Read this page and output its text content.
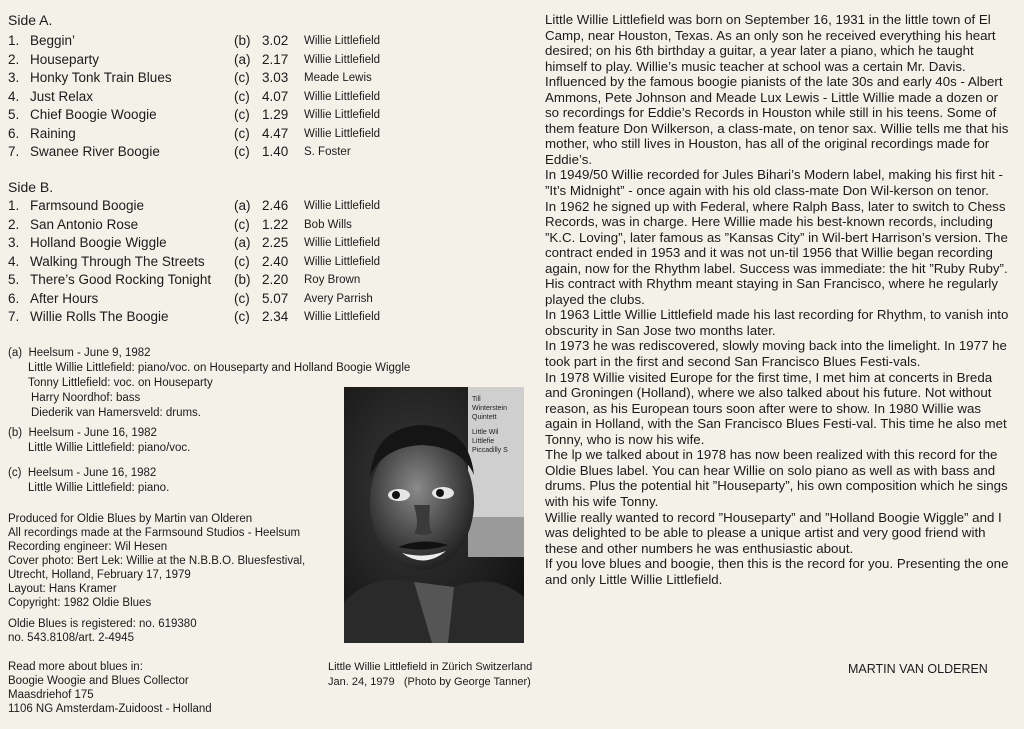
Side A.
1. Beggin’	(b) 3.02 Willie Littlefield
2. Houseparty	(a) 2.17 Willie Littlefield
3. Honky Tonk Train Blues	(c) 3.03 Meade Lewis
4. Just Relax	(c) 4.07 Willie Littlefield
5. Chief Boogie Woogie	(c) 1.29 Willie Littlefield
6. Raining	(c) 4.47 Willie Littlefield
7. Swanee River Boogie	(c) 1.40 S. Foster
Side B.
1. Farmsound Boogie	(a) 2.46 Willie Littlefield
2. San Antonio Rose	(c) 1.22 Bob Wills
3. Holland Boogie Wiggle	(a) 2.25 Willie Littlefield
4. Walking Through The Streets (c) 2.40 Willie Littlefield
5. There’s Good Rocking Tonight (b) 2.20 Roy Brown
6. After Hours	(c) 5.07 Avery Parrish
7. Willie Rolls The Boogie	(c) 2.34 Willie Littlefield
(a) Heelsum - June 9, 1982

Little Willie Littlefield: piano/voc. on Houseparty and Holland Boogie Wiggle
Tonny Littlefield: voc. on Houseparty
Harry Noordhof: bass
Diederik van Hamersveld: drums.
(b) Heelsum - June 16, 1982
Little Willie Littlefield: piano/voc.
(c) Heelsum - June 16, 1982
Little Willie Littlefield: piano.
Produced for Oldie Blues by Martin van Olderen
All recordings made at the Farmsound Studios - Heelsum
Recording engineer: Wil Hesen
Cover photo: Bert Lek: Willie at the N.B.B.O. Bluesfestival,
Utrecht, Holland, February 17, 1979
Layout: Hans Kramer
Copyright: 1982 Oldie Blues
Oldie Blues is registered: no. 619380
no. 543.8108/art. 2-4945
Read more about blues in:
Boogie Woogie and Blues Collector
Maasdriehof 175
1106 NG Amsterdam-Zuidoost - Holland
Till
Winterstein
Quintett
Little Wil
Littlefie
Piccadilly S
Little Willie Littlefield in Zürich Switzerland
Jan. 24, 1979 (Photo by George Tanner)

Little Willie Littlefield was born on September 16, 1931 in the little town of El Camp, near Houston, Texas. As an only son he received everything his heart desired; on his 6th birthday a guitar, a year later a piano, which he taught himself to play. Willie’s music teacher at school was a certain Mr. Davis.

Influenced by the famous boogie pianists of the late 30s and early 40s - Albert Ammons, Pete Johnson and Meade Lux Lewis - Little Willie made a dozen or so recordings for Eddie’s Records in Houston while still in his teens. Some of them feature Don Wilkerson, a class-mate, on tenor sax. Willie tells me that his mother, who still lives in Houston, has all of the original recordings made for Eddie’s.

In 1949/50 Willie recorded for Jules Bihari’s Modern label, making his first hit - ”It’s Midnight” - once again with his old class-mate Don Wil-kerson on tenor.

In 1962 he signed up with Federal, where Ralph Bass, later to switch to Chess Records, was in charge. Here Willie made his best-known records, including ”K.C. Loving”, later famous as ”Kansas City” in Wil-bert Harrison’s version. The contract ended in 1953 and it was not un-til 1956 that Willie began recording again, now for the Rhythm label. Success was immediate: the hit ”Ruby Ruby”. His contract with Rhythm meant staying in San Francisco, where he regularly played the clubs.

In 1963 Little Willie Littlefield made his last recording for Rhythm, to vanish into obscurity in San Jose two months later.

In 1973 he was rediscovered, slowly moving back into the limelight. In 1977 he took part in the first and second San Francisco Blues Festi-vals.

In 1978 Willie visited Europe for the first time, I met him at concerts in Breda and Groningen (Holland), where we also talked about his future. Not without reason, as his European tours soon after were to show. In 1980 Willie was again in Holland, with the San Francisco Blues Festi-val. This time he also met Tonny, who is now his wife.

The lp we talked about in 1978 has now been realized with this record for the Oldie Blues label. You can hear Willie on solo piano as well as with bass and drums. Plus the potential hit ”Houseparty”, his own composition which he sings with his wife Tonny.

Willie really wanted to record ”Houseparty” and ”Holland Boogie Wiggle” and I was delighted to be able to please a unique artist and very good friend with these and other numbers he was enthusiastic about.

If you love blues and boogie, then this is the record for you. Presenting the one and only Little Willie Littlefield.

MARTIN VAN OLDEREN
